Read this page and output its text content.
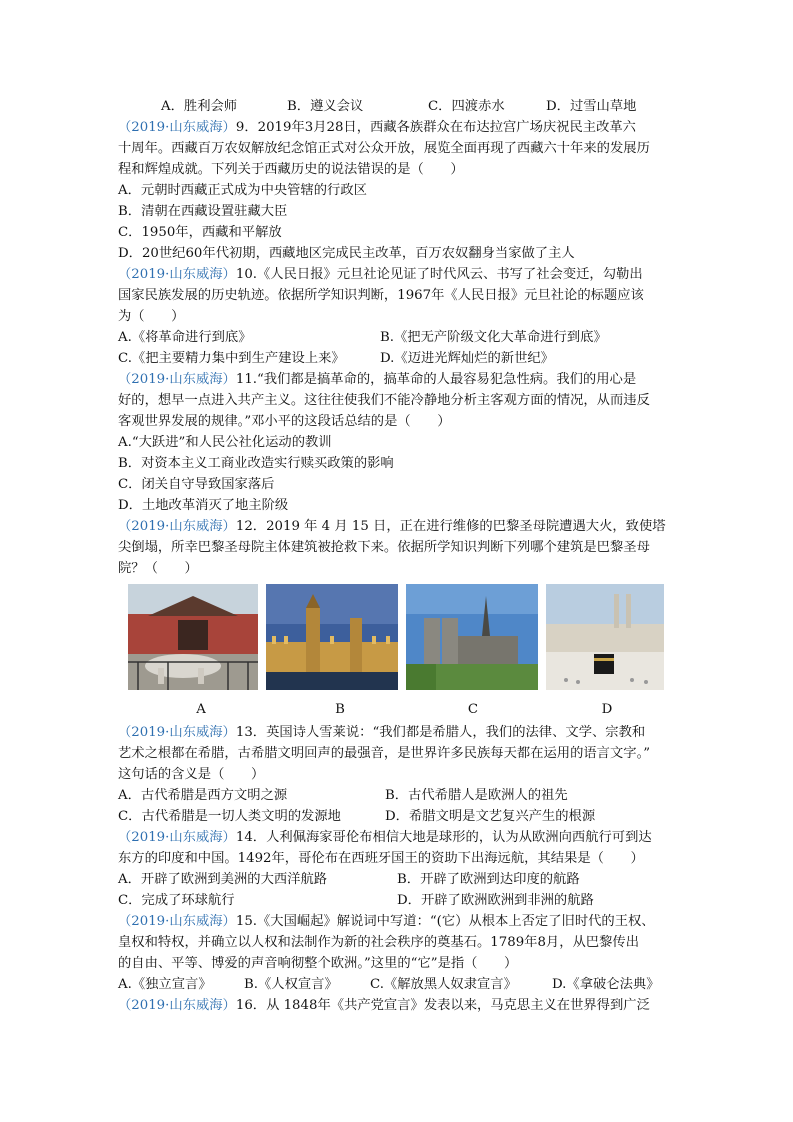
A．胜利会师	B．遵义会议	C．四渡赤水	D．过雪山草地
（2019·山东威海）9．2019年3月28日，西藏各族群众在布达拉宫广场庆祝民主改革六
十周年。西藏百万农奴解放纪念馆正式对公众开放，展览全面再现了西藏六十年来的发展历
程和辉煌成就。下列关于西藏历史的说法错误的是（　　）
A．元朝时西藏正式成为中央管辖的行政区
B．清朝在西藏设置驻藏大臣
C．1950年，西藏和平解放
D．20世纪60年代初期，西藏地区完成民主改革，百万农奴翻身当家做了主人
（2019·山东威海）10.《人民日报》元旦社论见证了时代风云、书写了社会变迁，勾勒出
国家民族发展的历史轨迹。依据所学知识判断，1967年《人民日报》元旦社论的标题应该
为（　　）
A.《将革命进行到底》	B.《把无产阶级文化大革命进行到底》
C.《把主要精力集中到生产建设上来》	D.《迈进光辉灿烂的新世纪》
（2019·山东威海）11.“我们都是搞革命的，搞革命的人最容易犯急性病。我们的用心是
好的，想早一点进入共产主义。这往往使我们不能冷静地分析主客观方面的情况，从而违反
客观世界发展的规律。”邓小平的这段话总结的是（　　）
A.“大跃进”和人民公社化运动的教训
B．对资本主义工商业改造实行赎买政策的影响
C．闭关自守导致国家落后
D．土地改革消灭了地主阶级
（2019·山东威海）12．2019 年 4 月 15 日，正在进行维修的巴黎圣母院遭遇大火，致使塔
尖倒塌，所幸巴黎圣母院主体建筑被抢救下来。依据所学知识判断下列哪个建筑是巴黎圣母
院？（　　）
A	B	C	D
（2019·山东威海）13．英国诗人雪莱说：“我们都是希腊人，我们的法律、文学、宗教和
艺术之根都在希腊，古希腊文明回声的最强音，是世界许多民族每天都在运用的语言文字。”
这句话的含义是（　　）
A．古代希腊是西方文明之源	B．古代希腊人是欧洲人的祖先
C．古代希腊是一切人类文明的发源地	D．希腊文明是文艺复兴产生的根源
（2019·山东威海）14．人利佩海家哥伦布相信大地是球形的，认为从欧洲向西航行可到达
东方的印度和中国。1492年，哥伦布在西班牙国王的资助下出海远航，其结果是（　　）
A．开辟了欧洲到美洲的大西洋航路	B．开辟了欧洲到达印度的航路
C．完成了环球航行	D．开辟了欧洲欧洲到非洲的航路
（2019·山东威海）15.《大国崛起》解说词中写道：“(它）从根本上否定了旧时代的王权、
皇权和特权，并确立以人权和法制作为新的社会秩序的奠基石。1789年8月，从巴黎传出
的自由、平等、博爱的声音响彻整个欧洲。”这里的“它”是指（　　）
A.《独立宣言》 B.《人权宣言》 C.《解放黑人奴隶宣言》	D.《拿破仑法典》
（2019·山东威海）16．从 1848年《共产党宣言》发表以来，马克思主义在世界得到广泛
